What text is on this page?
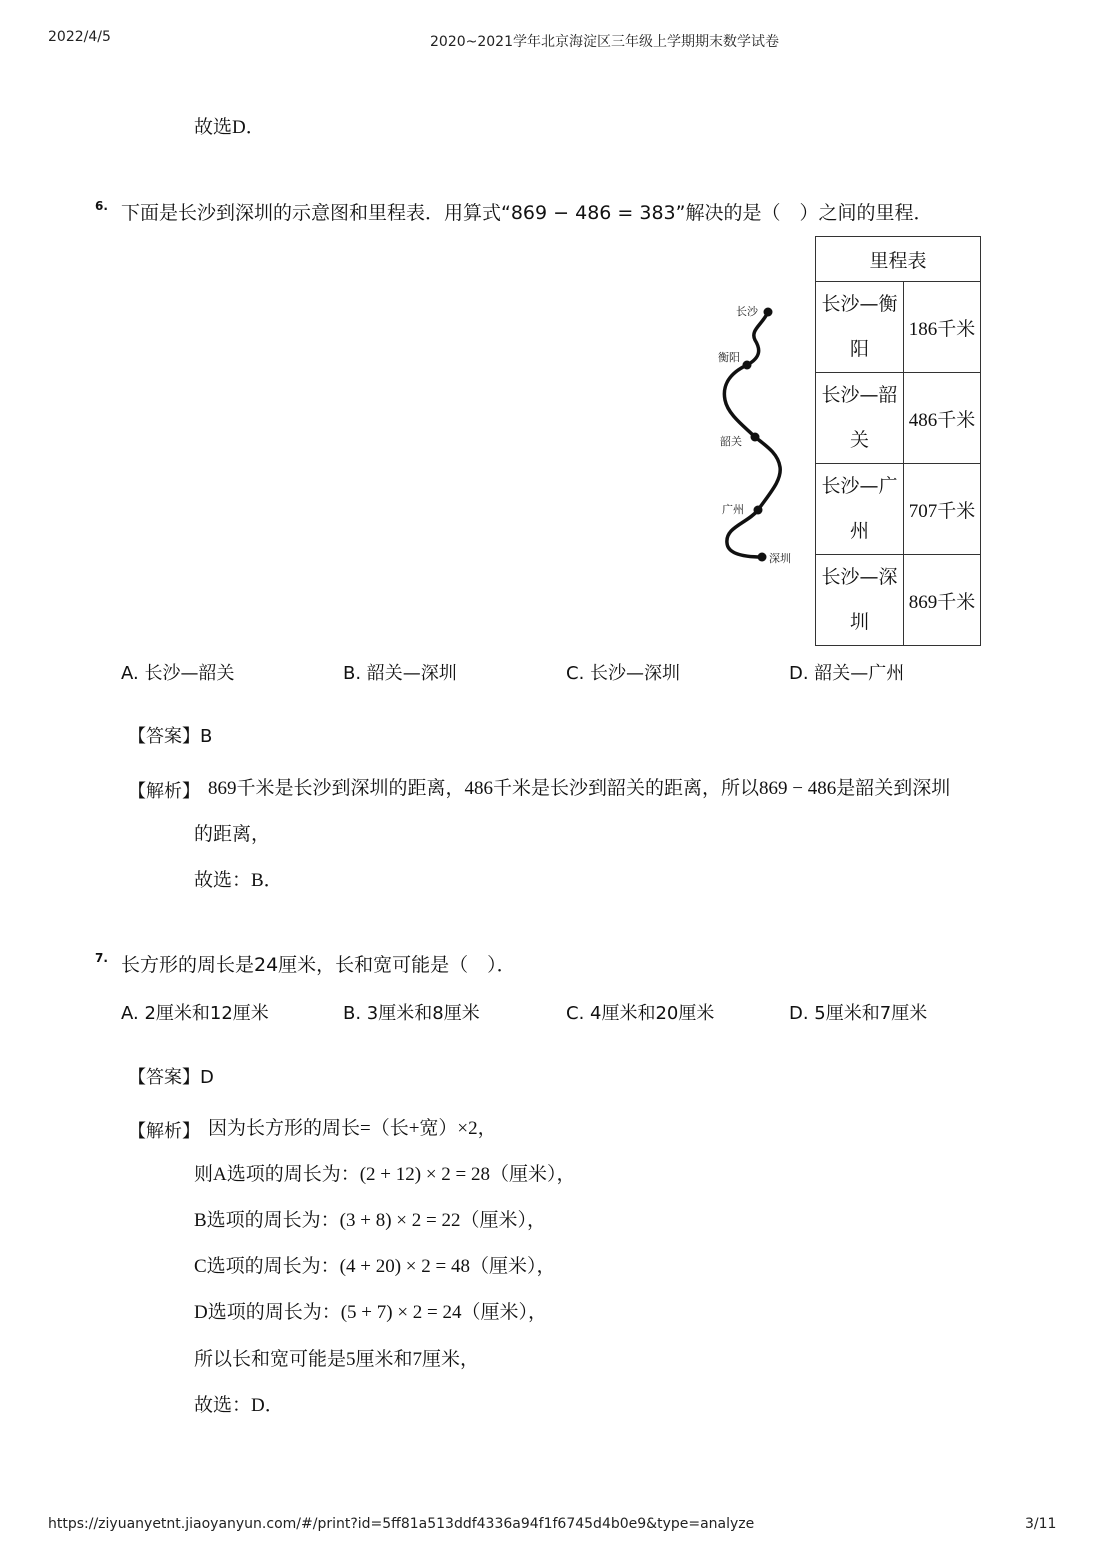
2022/4/5	2020~2021学年北京海淀区三年级上学期期末数学试卷
故选D．
6. 下面是长沙到深圳的示意图和里程表．用算式“869 − 486 = 383”解决的是（　）之间的里程．
长沙
衡阳
韶关
广州
深圳
里程表	

长沙—衡阳	186千米

长沙—韶关	486千米

长沙—广州	707千米

长沙—深圳	869千米
A. 长沙—韶关	B. 韶关—深圳	C. 长沙—深圳	D. 韶关—广州
【答案】B
【解析】 869千米是长沙到深圳的距离，486千米是长沙到韶关的距离，所以869 − 486是韶关到深圳
的距离，
故选：B．
7. 长方形的周长是24厘米，长和宽可能是（　）．
A. 2厘米和12厘米	B. 3厘米和8厘米	C. 4厘米和20厘米	D. 5厘米和7厘米
【答案】D
【解析】 因为长方形的周长=（长+宽）×2，
则A选项的周长为：(2 + 12) × 2 = 28（厘米），
B选项的周长为：(3 + 8) × 2 = 22（厘米），
C选项的周长为：(4 + 20) × 2 = 48（厘米），
D选项的周长为：(5 + 7) × 2 = 24（厘米），
所以长和宽可能是5厘米和7厘米，
故选：D．
https://ziyuanyetnt.jiaoyanyun.com/#/print?id=5ff81a513ddf4336a94f1f6745d4b0e9&type=analyze	3/11
